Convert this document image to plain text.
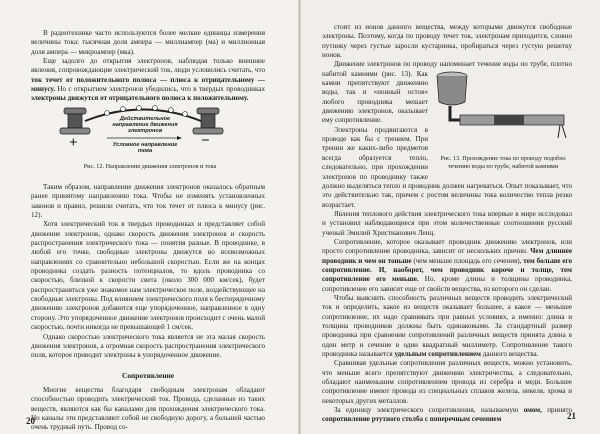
В радиотехнике часто используются более мелкие единицы измерения величины тока: тысячная доля ампера — миллиампер (ма) и миллионная доля ампера — микроампер (мка).

Еще задолго до открытия электронов, наблюдая только внешние явления, сопровождающие электрический ток, люди условились считать, что ток течет от положительного полюса — плюса к отрицательному — минусу. Но с открытием электронов убедились, что в твердых проводниках электроны движутся от отрицательного полюса к положительному.

Действительное направление движения электронов
Условное направление тока
+	−
Рис. 12. Направления движения электронов и тока

Таким образом, направление движения электронов оказалось обратным ранее принятому направлению тока. Чтобы не изменять установленных законов и правил, решили считать, что ток течет от плюса к минусу (рис. 12).

Хотя электрический ток в твердых проводниках и представляет собой движение электронов, однако скорость движения электронов и скорость распространения электрического тока — понятия разные. В проводнике, в любой его точке, свободные электроны движутся во всевозможных направлениях со сравнительно небольшой скоростью. Если же на концах проводника создать разность потенциалов, то вдоль проводника со скоростью, близкой к скорости света (около 300 000 км/сек), будет распространяться уже знакомое нам электрическое поле, воздействующее на свободные электроны. Под влиянием электрического поля к беспорядочному движению электронов добавится еще упорядоченное, направленное в одну сторону. Это упорядоченное движение электронов происходит с очень малой скоростью, почти никогда не превышающей 1 см/сек.

Однако скоростью электрического тока является не эта малая скорость движения электронов, а огромная скорость распространения электрического поля, которое приводит электроны в упорядоченное движение.

Сопротивление

Многие вещества благодаря свободным электронам обладают способностью проводить электрический ток. Провода, сделанные из таких веществ, являются как бы каналами для прохождения электрического тока. Но каналы эти представляют собой не свободную дорогу, а большей частью очень трудный путь. Провод со-

20
Рис. 13. Прохождение тока по проводу подобно течению воды по трубе, набитой камнями

стоит из ионов данного вещества, между которыми движутся свободные электроны. Поэтому, когда по проводу течет ток, электронам приходится, словно путнику через густые заросли кустарника, пробираться через густую решетку ионов.

Движение электронов по проводу напоминает течение воды по трубе, плотно набитой камнями (рис. 13). Как камни препятствуют движению воды, так и «ионный остов» любого проводника мешает движению электронов, оказывает ему сопротивление.

Электроны продвигаются в проводе как бы с трением. При трении же каких-либо предметов всегда образуется тепло, следовательно, при прохождении электронов по проводнику также должно выделяться тепло и проводник должен нагреваться. Опыт показывает, что это действительно так, причем с ростом величины тока количество тепла резко возрастает.

Явления теплового действия электрического тока впервые в мире исследовал и установил наблюдающиеся при этом количественные соотношения русский ученый Эмилий Христианович Ленц.

Сопротивление, которое оказывает проводник движению электронов, или просто сопротивление проводника, зависит от нескольких причин. Чем длиннее проводник и чем он тоньше (чем меньше площадь его сечения), тем больше его сопротивление. И, наоборот, чем проводник короче и толще, тем сопротивление его меньше. Но, кроме длины и толщины проводника, сопротивление его зависит еще от свойств вещества, из которого он сделан.

Чтобы выяснить способность различных веществ проводить электрический ток и определить, какое из веществ оказывает большее, а какое — меньшее сопротивление, их надо сравнивать при равных условиях, а именно: длина и толщина проводников должны быть одинаковыми. За стандартный размер проводника при сравнении сопротивлений различных веществ принята длина в один метр и сечение в один квадратный миллиметр. Сопротивление такого проводника называется удельным сопротивлением данного вещества.

Сравнивая удельные сопротивления различных веществ, можно установить, что меньше всего препятствуют движению электричества, а следовательно, обладают наименьшим сопротивлением провода из серебра и меди. Большее сопротивление имеют провода из специальных сплавов железа, никеля, хрома и некоторых других металлов.

За единицу электрического сопротивления, называемую омом, принято сопротивление ртутного столба с поперечным сечением	21
